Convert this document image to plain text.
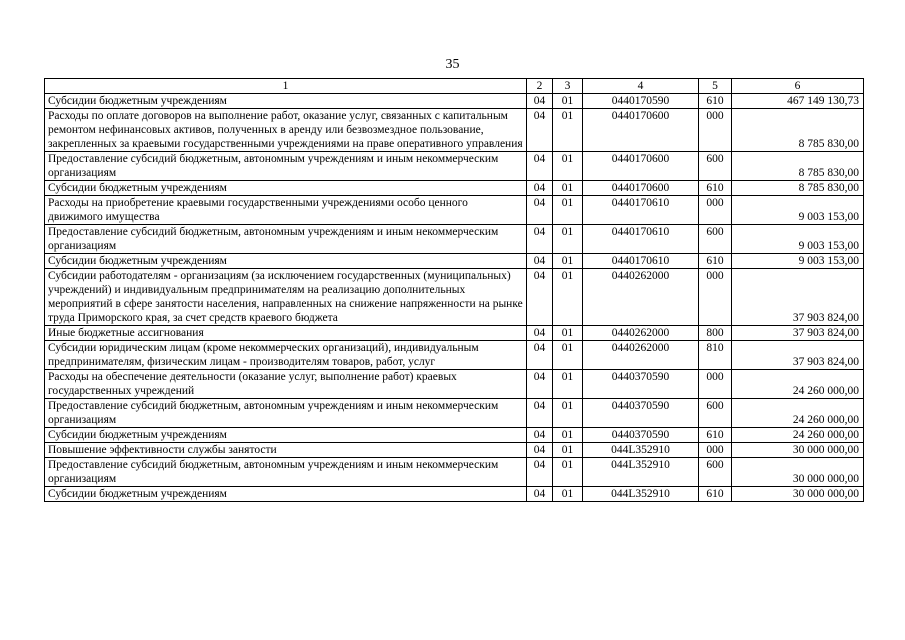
35
1	2	3	4	5	6
Субсидии бюджетным учреждениям	04	01	0440170590	610	467 149 130,73
Расходы по оплате договоров на выполнение работ, оказание услуг, связанных с капитальным ремонтом нефинансовых активов, полученных в аренду или безвозмездное пользование, закрепленных за краевыми государственными учреждениями на праве оперативного управления	04	01	0440170600	000	8 785 830,00
Предоставление субсидий бюджетным, автономным учреждениям и иным некоммерческим организациям	04	01	0440170600	600	8 785 830,00
Субсидии бюджетным учреждениям	04	01	0440170600	610	8 785 830,00
Расходы на приобретение краевыми государственными учреждениями особо ценного движимого имущества	04	01	0440170610	000	9 003 153,00
Предоставление субсидий бюджетным, автономным учреждениям и иным некоммерческим организациям	04	01	0440170610	600	9 003 153,00
Субсидии бюджетным учреждениям	04	01	0440170610	610	9 003 153,00
Субсидии работодателям - организациям (за исключением государственных (муниципальных) учреждений) и индивидуальным предпринимателям на реализацию дополнительных мероприятий в сфере занятости населения, направленных на снижение напряженности на рынке труда Приморского края, за счет средств краевого бюджета	04	01	0440262000	000	37 903 824,00
Иные бюджетные ассигнования	04	01	0440262000	800	37 903 824,00
Субсидии юридическим лицам (кроме некоммерческих организаций), индивидуальным предпринимателям, физическим лицам - производителям товаров, работ, услуг	04	01	0440262000	810	37 903 824,00
Расходы на обеспечение деятельности (оказание услуг, выполнение работ) краевых государственных учреждений	04	01	0440370590	000	24 260 000,00
Предоставление субсидий бюджетным, автономным учреждениям и иным некоммерческим организациям	04	01	0440370590	600	24 260 000,00
Субсидии бюджетным учреждениям	04	01	0440370590	610	24 260 000,00
Повышение эффективности службы занятости	04	01	044L352910	000	30 000 000,00
Предоставление субсидий бюджетным, автономным учреждениям и иным некоммерческим организациям	04	01	044L352910	600	30 000 000,00
Субсидии бюджетным учреждениям	04	01	044L352910	610	30 000 000,00
